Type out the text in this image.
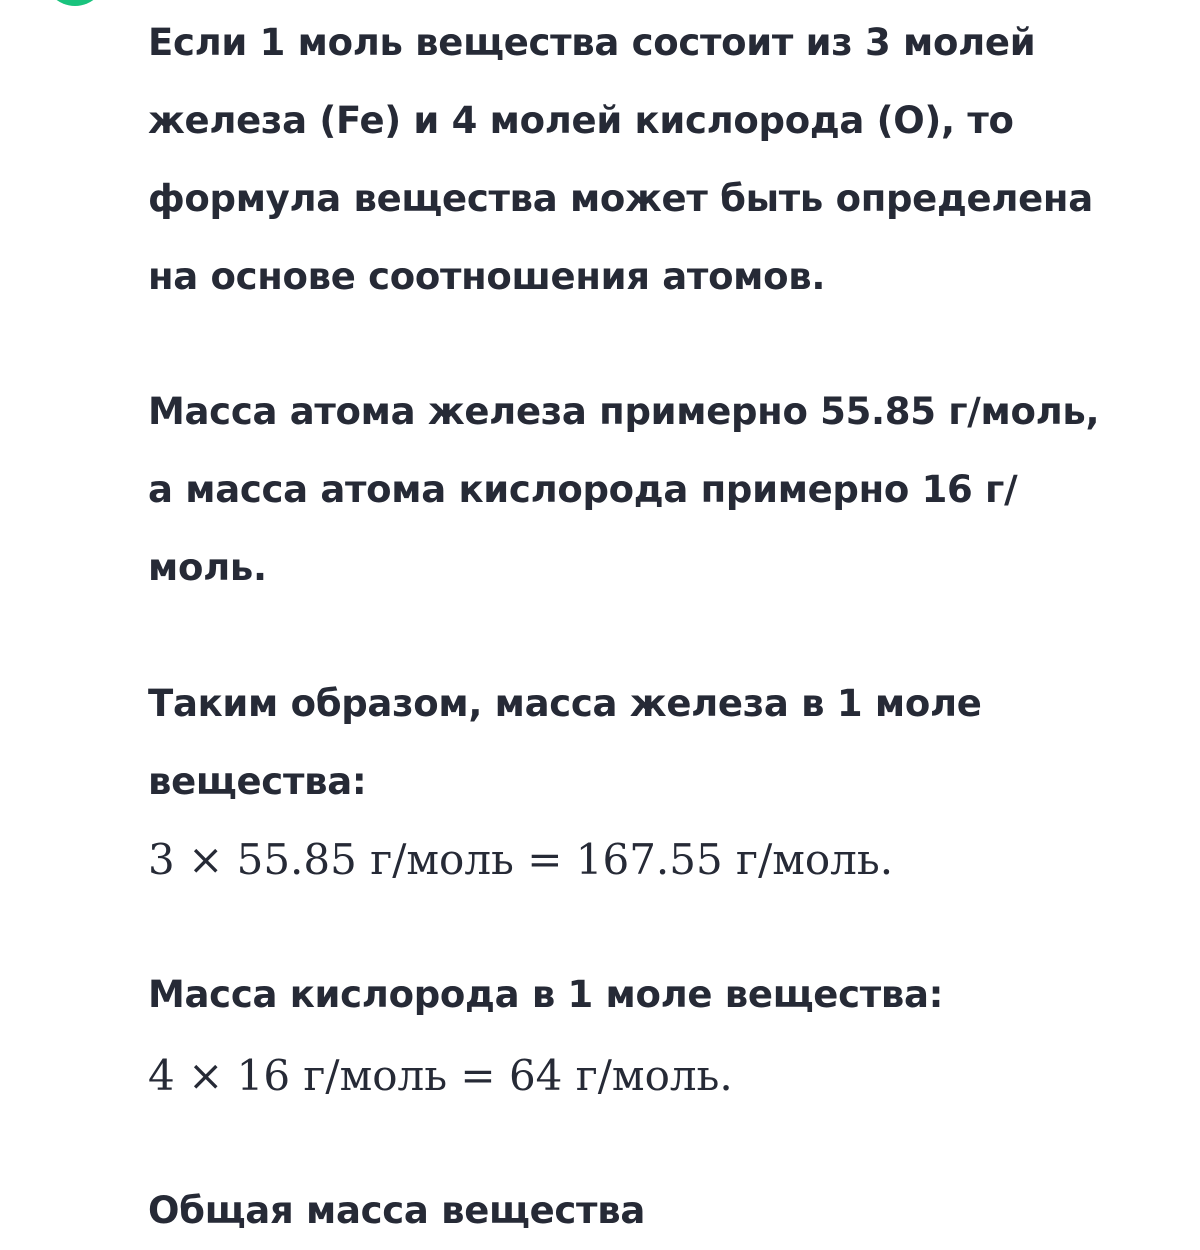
Если 1 моль вещества состоит из 3 молей
железа (Fe) и 4 молей кислорода (O), то
формула вещества может быть определена
на основе соотношения атомов.

Масса атома железа примерно 55.85 г/моль,
а масса атома кислорода примерно 16 г/
моль.

Таким образом, масса железа в 1 моле
вещества:

3 × 55.85 г/моль = 167.55 г/моль.

Масса кислорода в 1 моле вещества:

4 × 16 г/моль = 64 г/моль.

Общая масса вещества
